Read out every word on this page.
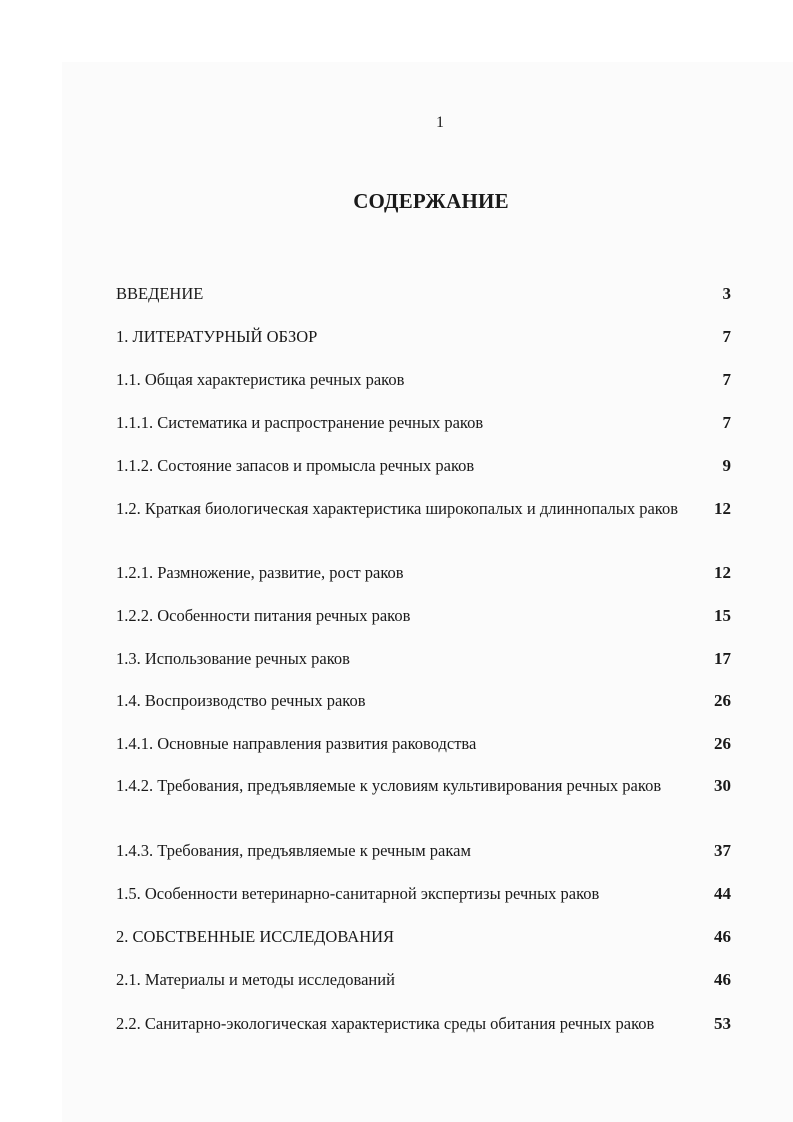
1
СОДЕРЖАНИЕ
ВВЕДЕНИЕ	3
1. ЛИТЕРАТУРНЫЙ ОБЗОР	7
1.1. Общая характеристика речных раков	7
1.1.1. Систематика и распространение речных раков	7
1.1.2. Состояние запасов и промысла речных раков	9
1.2. Краткая биологическая характеристика широкопалых и длиннопалых раков	12
1.2.1. Размножение, развитие, рост раков	12
1.2.2. Особенности питания речных раков	15
1.3. Использование речных раков	17
1.4. Воспроизводство речных раков	26
1.4.1. Основные направления развития раководства	26
1.4.2. Требования, предъявляемые к условиям культивирования речных раков	30
1.4.3. Требования, предъявляемые к речным ракам	37
1.5. Особенности ветеринарно-санитарной экспертизы речных раков	44
2. СОБСТВЕННЫЕ ИССЛЕДОВАНИЯ	46
2.1. Материалы и методы исследований	46
2.2. Санитарно-экологическая характеристика среды обитания речных раков	53
